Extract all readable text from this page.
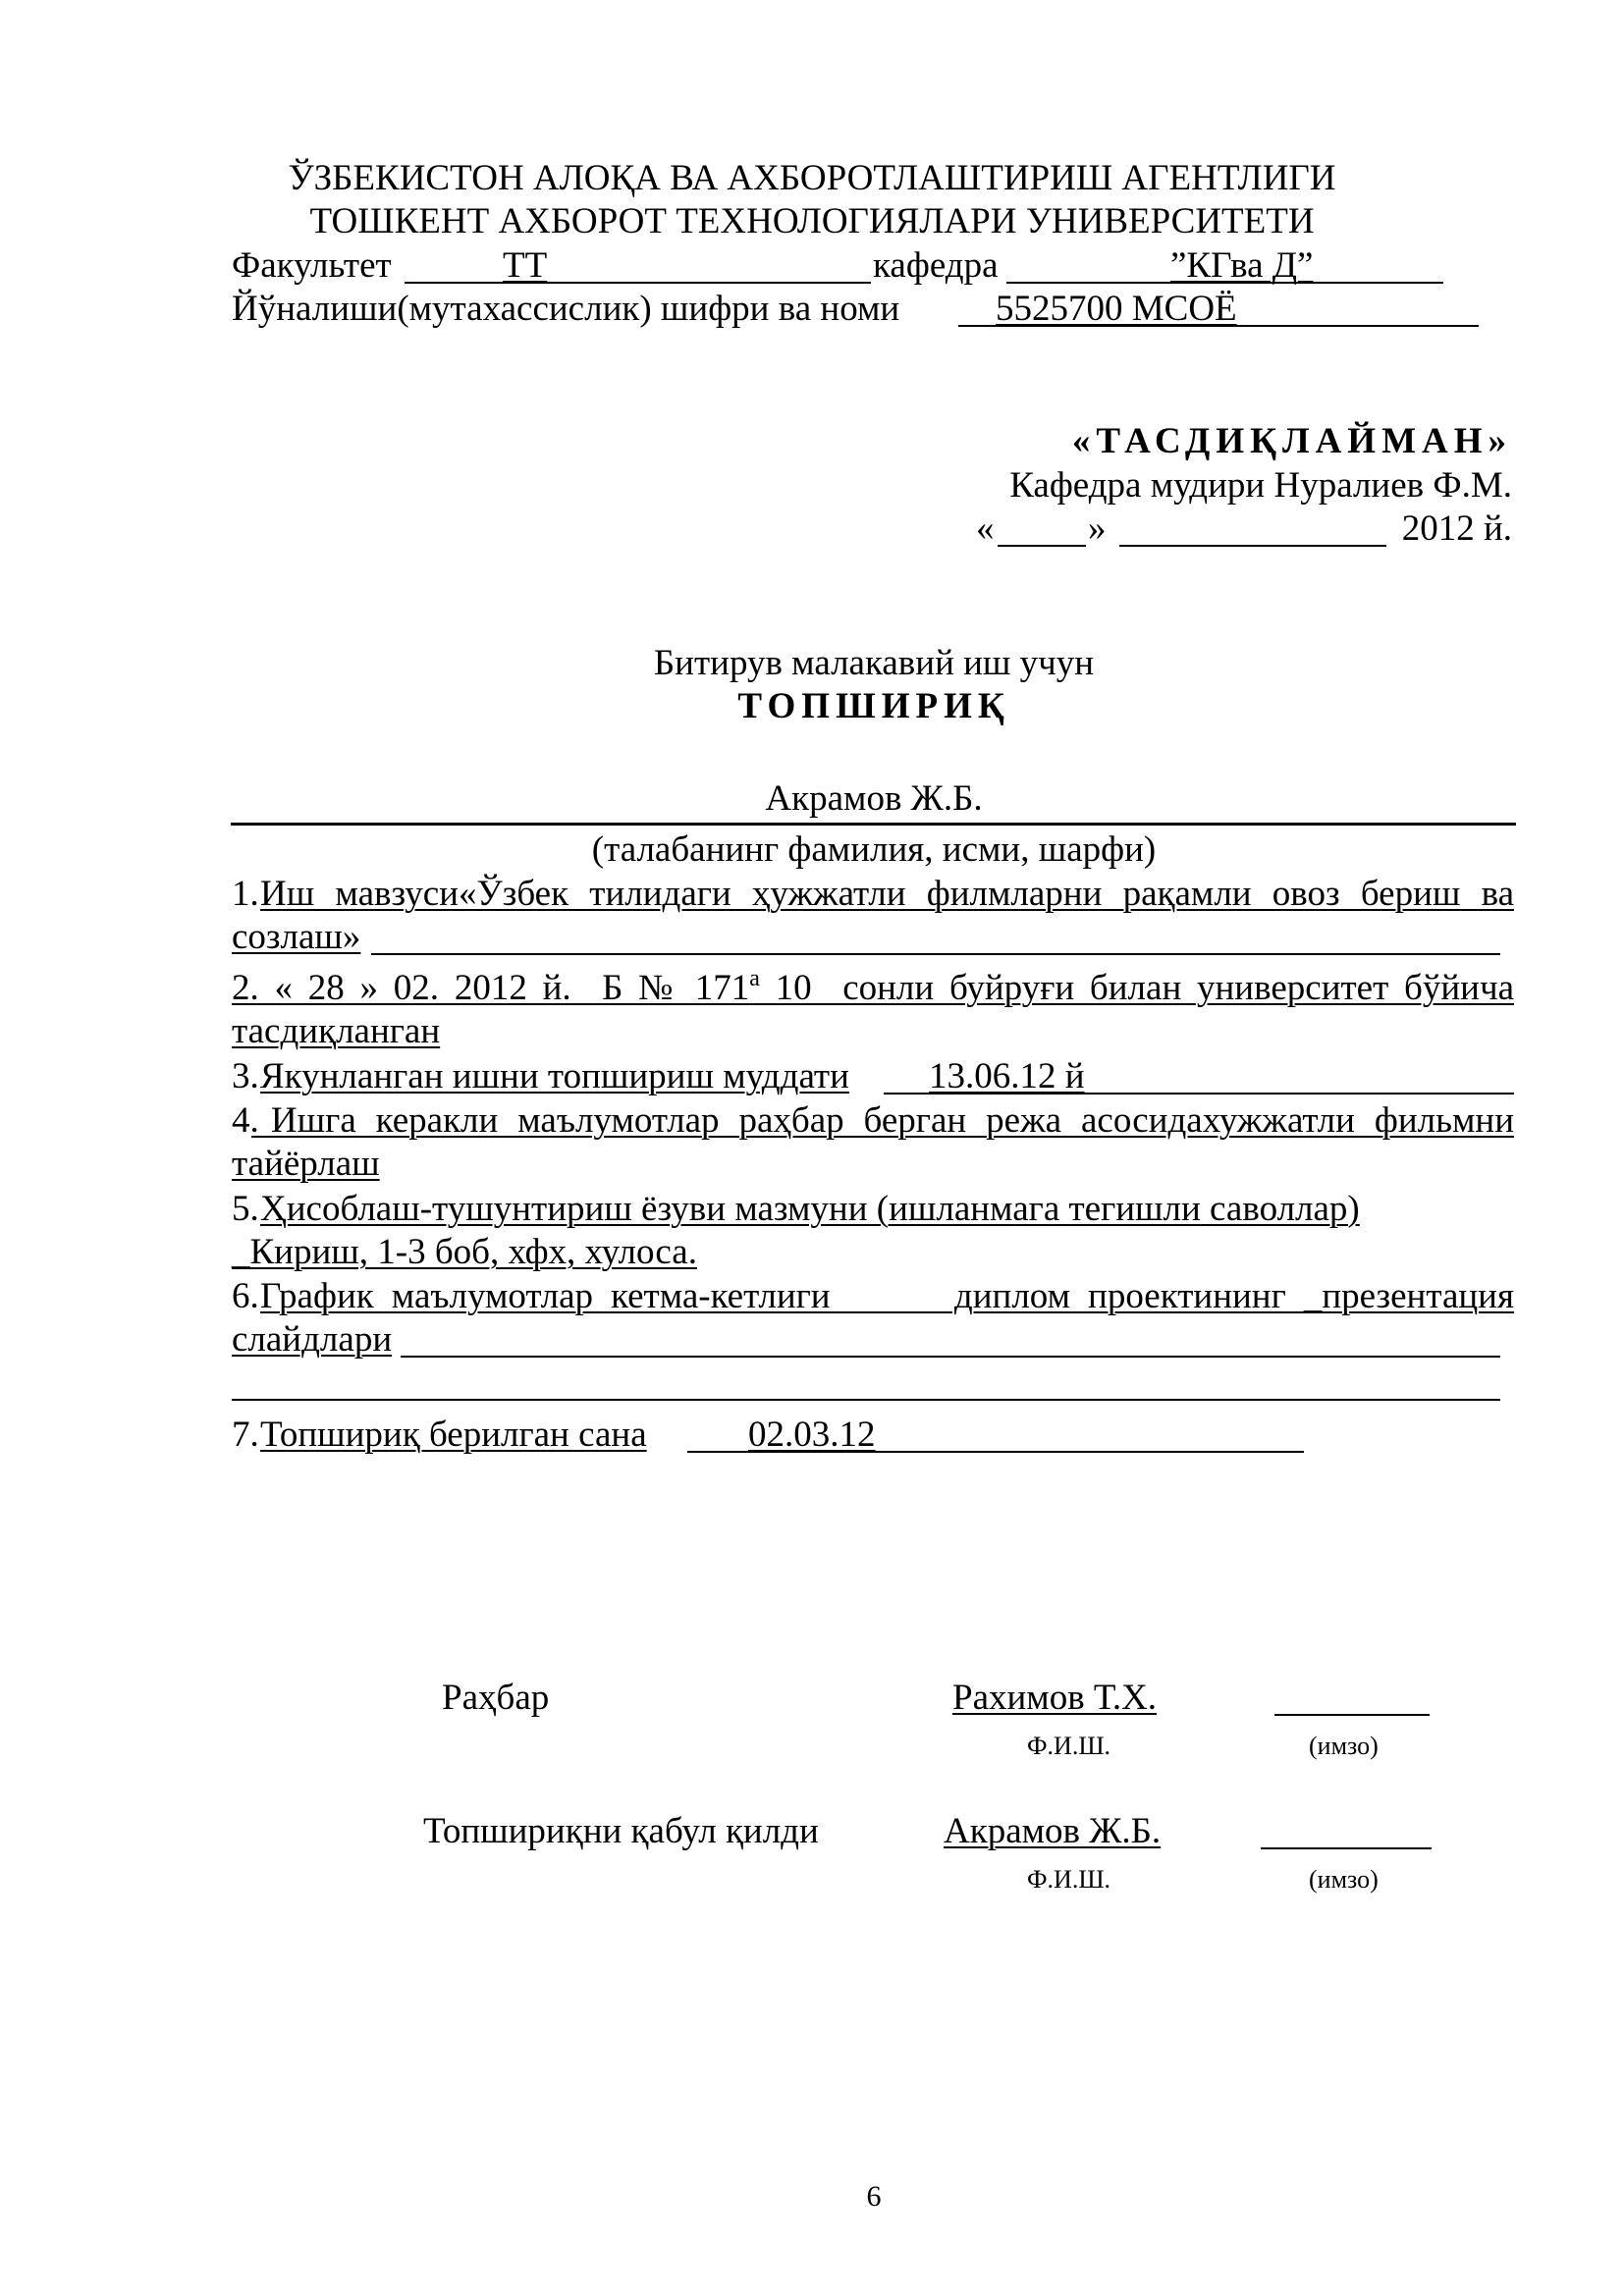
ЎЗБЕКИСТОН АЛОҚА ВА АХБОРОТЛАШТИРИШ АГЕНТЛИГИ
ТОШКЕНТ АХБОРОТ ТЕХНОЛОГИЯЛАРИ УНИВЕРСИТЕТИ
Факультет	ТТ	кафедра	”КГва Д”
Йўналиши(мутахассислик) шифри ва номи	5525700 МСОЁ
«ТАСДИҚЛАЙМАН»
Кафедра мудири Нуралиев Ф.М.
«	»	2012 й.
Битирув малакавий иш учун
ТОПШИРИҚ
Акрамов Ж.Б.
(талабанинг фамилия, исми, шарфи)
1. Иш мавзуси«Ўзбек тилидаги ҳужжатли филмларни рақамли овоз бериш ва
созлаш»
2. « 28 » 02. 2012 й.  Б № $171^а$ 10  сонли буйруғи билан университет бўйича
тасдиқланган
3. Якунланган ишни топшириш муддати 13.06.12 й
4.
Ишга керакли маълумотлар раҳбар берган режа асосидахужжатли фильмни
тайёрлаш
5. Ҳисоблаш-тушунтириш ёзуви мазмуни (ишланмага тегишли саволлар)
_Кириш, 1-3 боб, хфх, хулоса.
6. График маълумотлар кетма-кетлиги       диплом проектининг _презентация
слайдлари
7. Топшириқ берилган сана	02.03.12
Раҳбар	Рахимов Т.Х.
Ф.И.Ш.	(имзо)
Топшириқни қабул қилди	Акрамов Ж.Б.
Ф.И.Ш.	(имзо)
6
